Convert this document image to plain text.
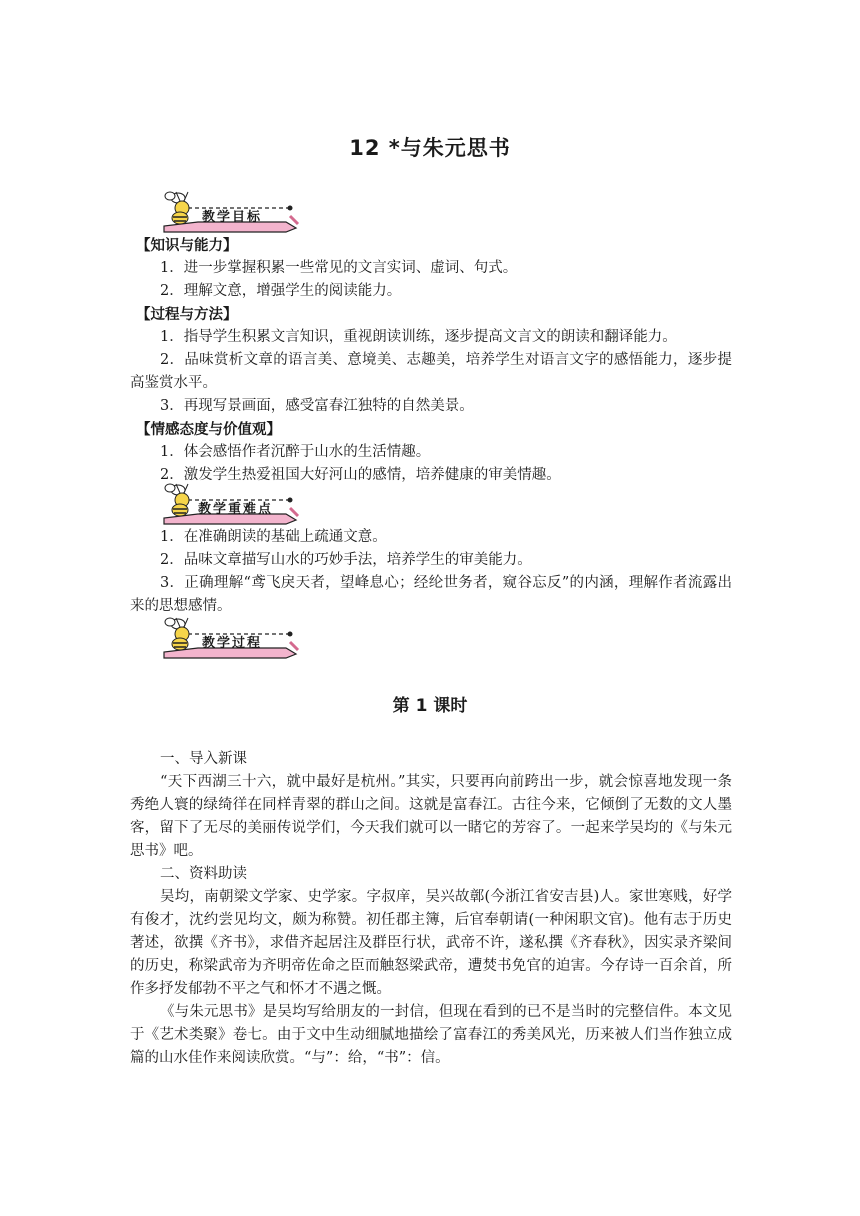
12 *与朱元思书
教学目标

【知识与能力】

1．进一步掌握积累一些常见的文言实词、虚词、句式。

2．理解文意，增强学生的阅读能力。

【过程与方法】

1．指导学生积累文言知识，重视朗读训练，逐步提高文言文的朗读和翻译能力。

2．品味赏析文章的语言美、意境美、志趣美，培养学生对语言文字的感悟能力，逐步提高鉴赏水平。

3．再现写景画面，感受富春江独特的自然美景。

【情感态度与价值观】

1．体会感悟作者沉醉于山水的生活情趣。

2．激发学生热爱祖国大好河山的感情，培养健康的审美情趣。

教学重难点

1．在准确朗读的基础上疏通文意。

2．品味文章描写山水的巧妙手法，培养学生的审美能力。

3．正确理解“鸢飞戾天者，望峰息心；经纶世务者，窥谷忘反”的内涵，理解作者流露出来的思想感情。

教学过程
第 1 课时

一、导入新课

“天下西湖三十六，就中最好是杭州。”其实，只要再向前跨出一步，就会惊喜地发现一条秀绝人寰的绿绮徉在同样青翠的群山之间。这就是富春江。古往今来，它倾倒了无数的文人墨客，留下了无尽的美丽传说学们，今天我们就可以一睹它的芳容了。一起来学吴均的《与朱元思书》吧。

二、资料助读

吴均，南朝梁文学家、史学家。字叔庠，吴兴故鄣(今浙江省安吉县)人。家世寒贱，好学有俊才，沈约尝见均文，颇为称赞。初任郡主簿，后官奉朝请(一种闲职文官)。他有志于历史著述，欲撰《齐书》，求借齐起居注及群臣行状，武帝不许，遂私撰《齐春秋》，因实录齐梁间的历史，称梁武帝为齐明帝佐命之臣而触怒梁武帝，遭焚书免官的迫害。今存诗一百余首，所作多抒发郁勃不平之气和怀才不遇之慨。

《与朱元思书》是吴均写给朋友的一封信，但现在看到的已不是当时的完整信件。本文见于《艺术类聚》卷七。由于文中生动细腻地描绘了富春江的秀美风光，历来被人们当作独立成篇的山水佳作来阅读欣赏。“与”：给，“书”：信。
